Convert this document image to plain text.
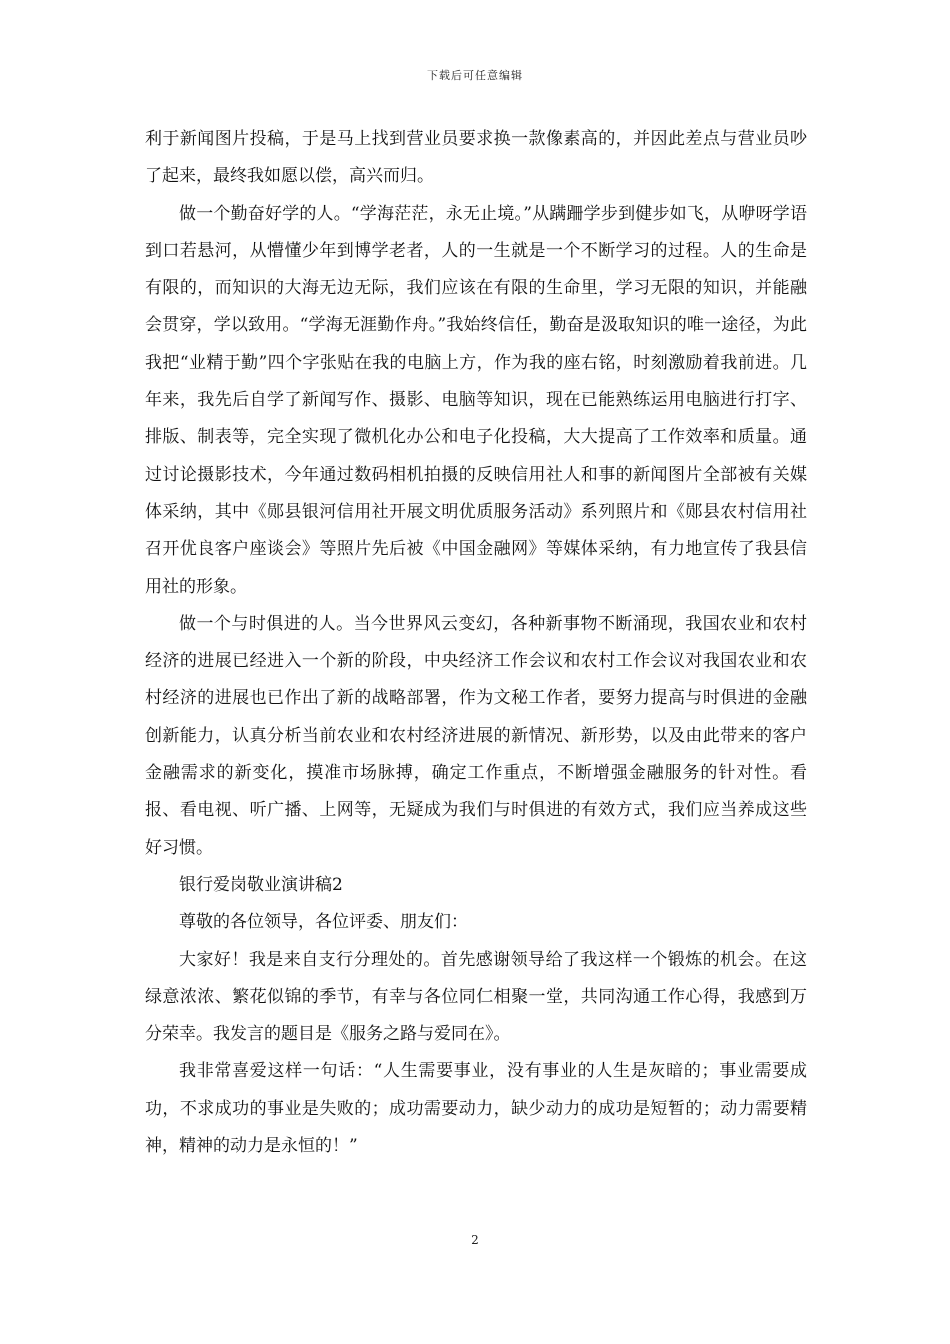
下载后可任意编辑

利于新闻图片投稿，于是马上找到营业员要求换一款像素高的，并因此差点与营业员吵了起来，最终我如愿以偿，高兴而归。

做一个勤奋好学的人。“学海茫茫，永无止境。”从蹒跚学步到健步如飞，从咿呀学语到口若悬河，从懵懂少年到博学老者，人的一生就是一个不断学习的过程。人的生命是有限的，而知识的大海无边无际，我们应该在有限的生命里，学习无限的知识，并能融会贯穿，学以致用。“学海无涯勤作舟。”我始终信任，勤奋是汲取知识的唯一途径，为此我把“业精于勤”四个字张贴在我的电脑上方，作为我的座右铭，时刻激励着我前进。几年来，我先后自学了新闻写作、摄影、电脑等知识，现在已能熟练运用电脑进行打字、排版、制表等，完全实现了微机化办公和电子化投稿，大大提高了工作效率和质量。通过讨论摄影技术，今年通过数码相机拍摄的反映信用社人和事的新闻图片全部被有关媒体采纳，其中《郧县银河信用社开展文明优质服务活动》系列照片和《郧县农村信用社召开优良客户座谈会》等照片先后被《中国金融网》等媒体采纳，有力地宣传了我县信用社的形象。

做一个与时俱进的人。当今世界风云变幻，各种新事物不断涌现，我国农业和农村经济的进展已经进入一个新的阶段，中央经济工作会议和农村工作会议对我国农业和农村经济的进展也已作出了新的战略部署，作为文秘工作者，要努力提高与时俱进的金融创新能力，认真分析当前农业和农村经济进展的新情况、新形势，以及由此带来的客户金融需求的新变化，摸准市场脉搏，确定工作重点，不断增强金融服务的针对性。看报、看电视、听广播、上网等，无疑成为我们与时俱进的有效方式，我们应当养成这些好习惯。

银行爱岗敬业演讲稿2

尊敬的各位领导，各位评委、朋友们：

大家好！我是来自支行分理处的。首先感谢领导给了我这样一个锻炼的机会。在这绿意浓浓、繁花似锦的季节，有幸与各位同仁相聚一堂，共同沟通工作心得，我感到万分荣幸。我发言的题目是《服务之路与爱同在》。

我非常喜爱这样一句话：“人生需要事业，没有事业的人生是灰暗的；事业需要成功，不求成功的事业是失败的；成功需要动力，缺少动力的成功是短暂的；动力需要精神，精神的动力是永恒的！”

2
